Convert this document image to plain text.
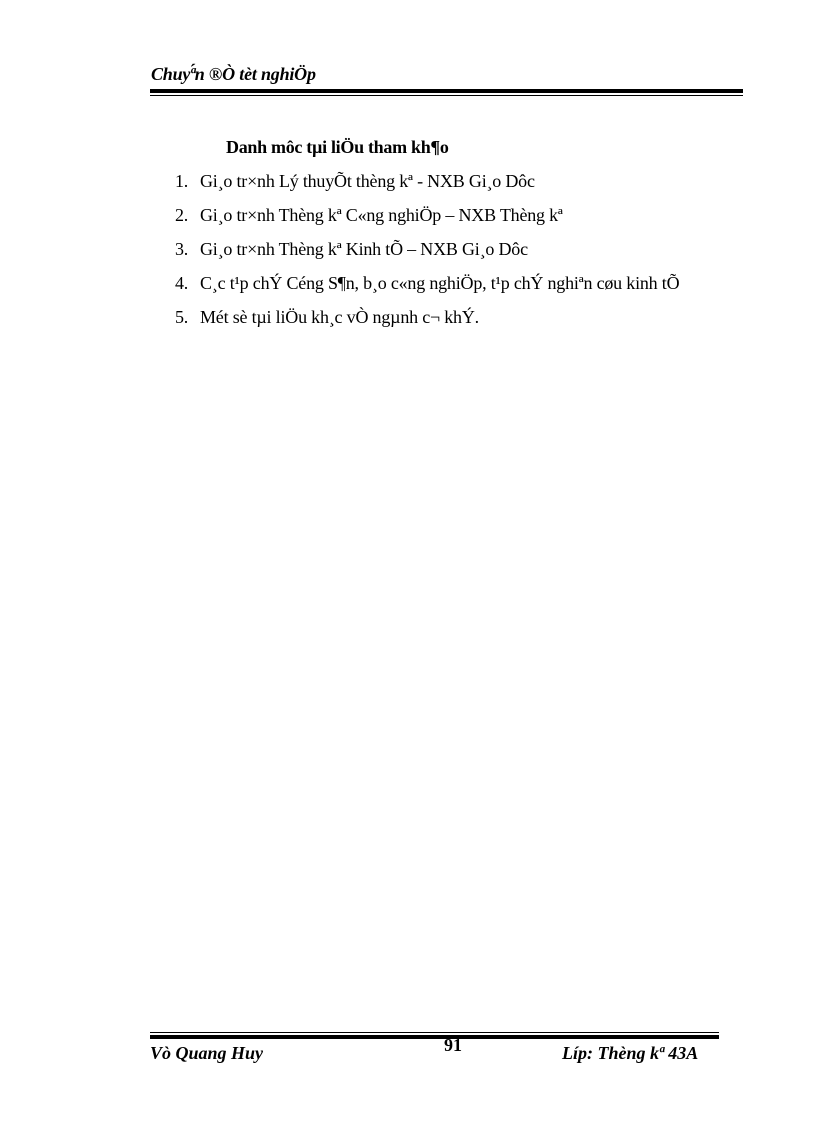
Chuyª́n ®Ò tèt nghiÖp
Danh môc tµi liÖu tham kh¶o
1. Gi¸o tr×nh Lý thuyÕt thèng kª - NXB Gi¸o Dôc
2. Gi¸o tr×nh Thèng kª C«ng nghiÖp – NXB Thèng kª
3. Gi¸o tr×nh Thèng kª Kinh tÕ – NXB Gi¸o Dôc
4. C¸c t¹p chÝ Céng S¶n, b¸o c«ng nghiÖp, t¹p chÝ nghiªn cøu kinh tÕ
5. Mét sè tµi liÖu kh¸c vÒ ngµnh c¬ khÝ.
Vò Quang Huy	91	Líp: Thèng kª 43A
